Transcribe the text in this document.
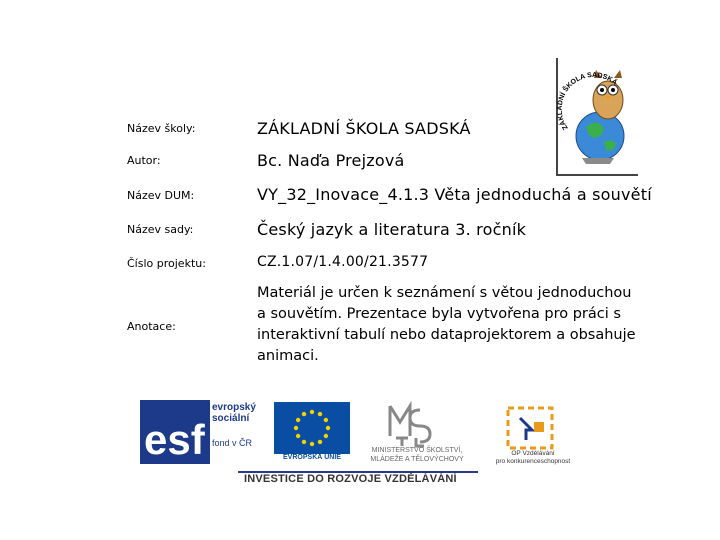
Název školy:	ZÁKLADNÍ ŠKOLA SADSKÁ
Autor:	Bc. Naďa Prejzová
Název DUM:	VY_32_Inovace_4.1.3 Věta jednoduchá a souvětí
Název sady:	Český jazyk a literatura 3. ročník
Číslo projektu:	CZ.1.07/1.4.00/21.3577
Anotace:
Materiál je určen k seznámení s větou jednoduchou
a souvětím. Prezentace byla vytvořena pro práci s
interaktivní tabulí nebo dataprojektorem a obsahuje
animaci.
ZÁKLADNÍ ŠKOLA SADSKÁ
esf
evropský
sociální
fond v ČR
EVROPSKÁ UNIE
MINISTERSTVO ŠKOLSTVÍ,
MLÁDEŽE A TĚLOVÝCHOVY
OP Vzdělávání
pro konkurenceschopnost
INVESTICE DO ROZVOJE VZDĚLÁVÁNÍ
